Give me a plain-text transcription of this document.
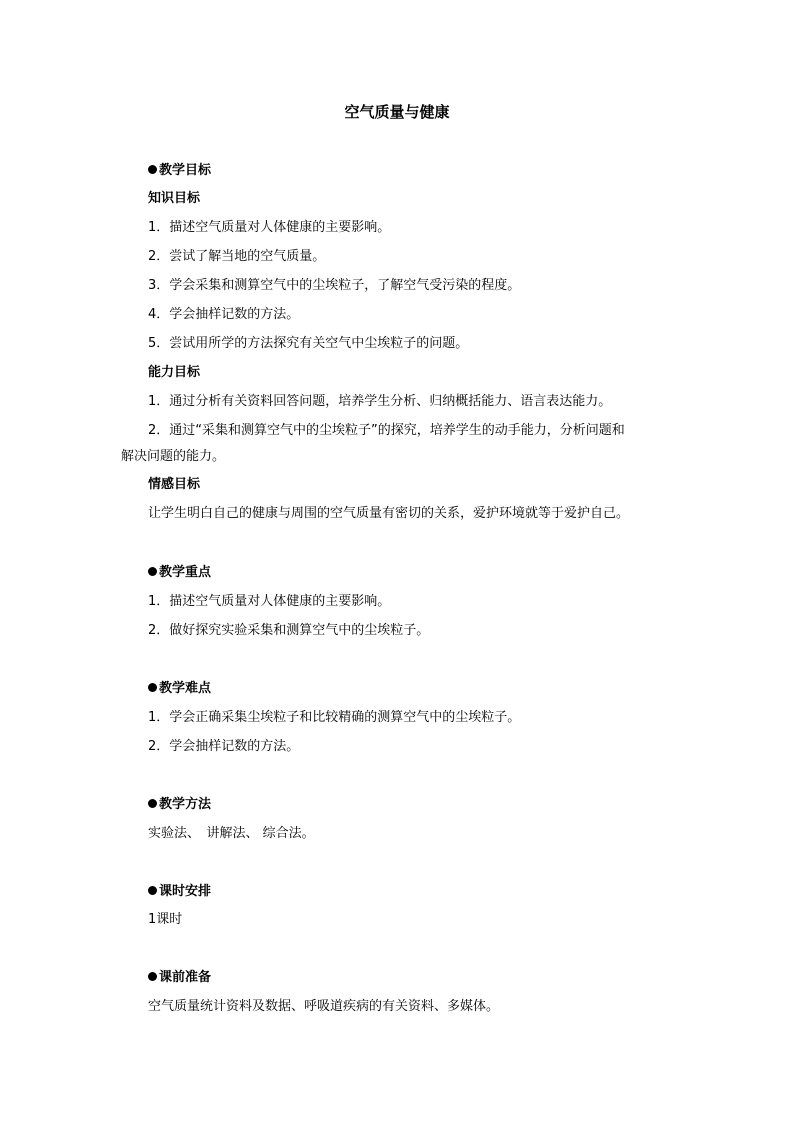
空气质量与健康
教学目标
知识目标
1．描述空气质量对人体健康的主要影响。
2．尝试了解当地的空气质量。
3．学会采集和测算空气中的尘埃粒子，了解空气受污染的程度。
4．学会抽样记数的方法。
5．尝试用所学的方法探究有关空气中尘埃粒子的问题。
能力目标
1．通过分析有关资料回答问题，培养学生分析、归纳概括能力、语言表达能力。
2．通过“采集和测算空气中的尘埃粒子”的探究，培养学生的动手能力，分析问题和
解决问题的能力。
情感目标
让学生明白自己的健康与周围的空气质量有密切的关系，爱护环境就等于爱护自己。
教学重点
1．描述空气质量对人体健康的主要影响。
2．做好探究实验采集和测算空气中的尘埃粒子。
教学难点
1．学会正确采集尘埃粒子和比较精确的测算空气中的尘埃粒子。
2．学会抽样记数的方法。
教学方法
实验法、　讲解法、 综合法。
课时安排
1课时
课前准备
空气质量统计资料及数据、呼吸道疾病的有关资料、多媒体。
